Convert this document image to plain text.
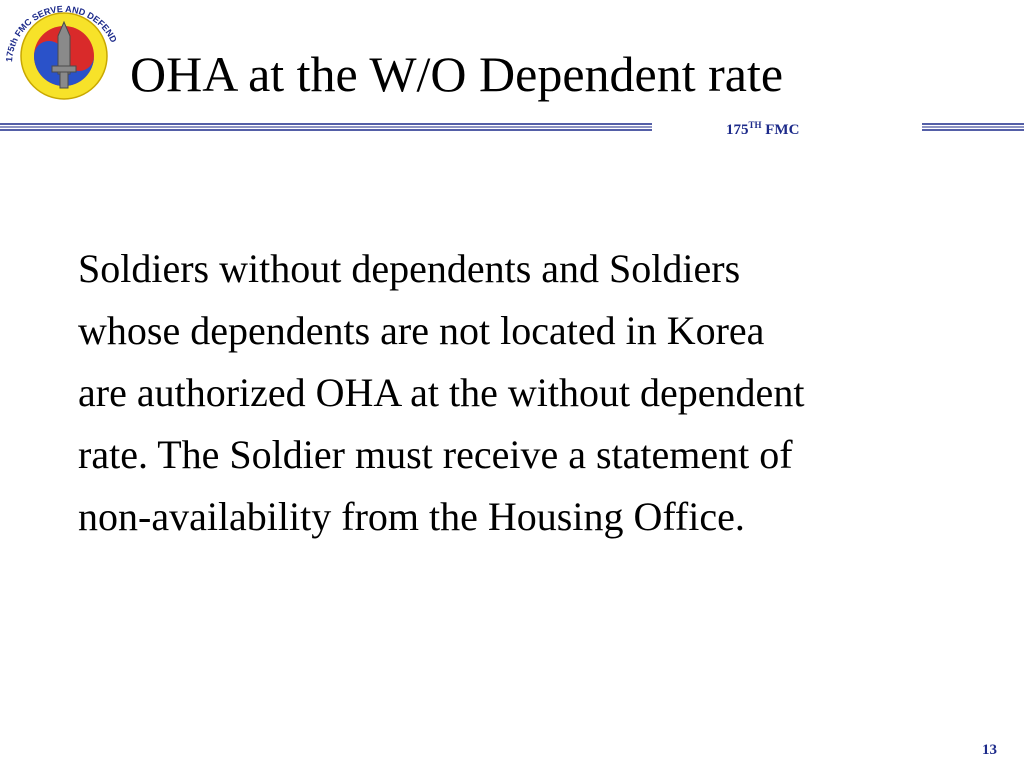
175th FMC SERVE AND DEFEND
OHA at the W/O Dependent rate
175TH FMC

Soldiers without dependents and Soldiers
whose dependents are not located in Korea
are authorized OHA at the without dependent
rate. The Soldier must receive a statement of
non-availability from the Housing Office.

13
